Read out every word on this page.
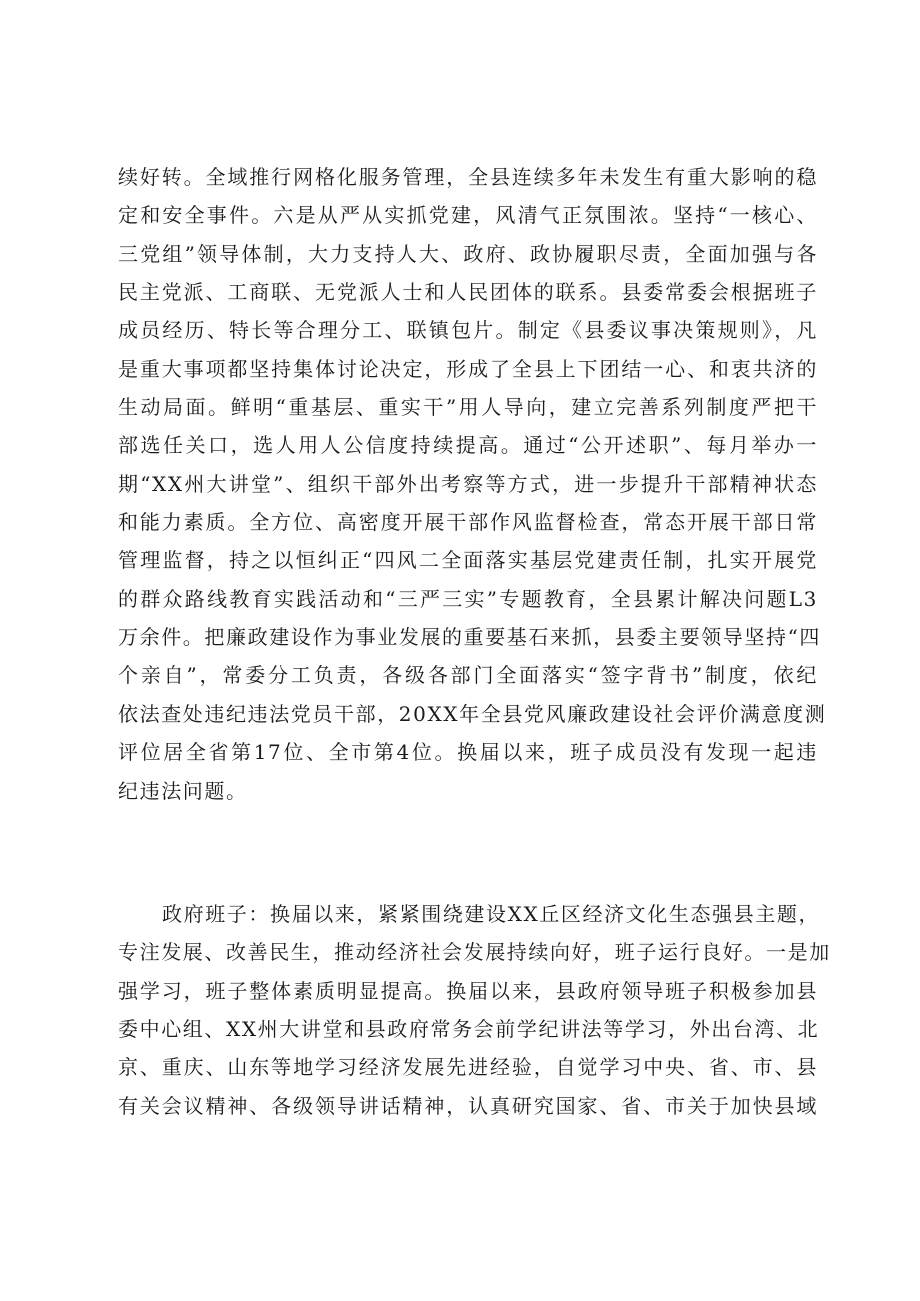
续好转。全域推行网格化服务管理，全县连续多年未发生有重大影响的稳
定和安全事件。六是从严从实抓党建，风清气正氛围浓。坚持“一核心、
三党组”领导体制，大力支持人大、政府、政协履职尽责，全面加强与各
民主党派、工商联、无党派人士和人民团体的联系。县委常委会根据班子
成员经历、特长等合理分工、联镇包片。制定《县委议事决策规则》，凡
是重大事项都坚持集体讨论决定，形成了全县上下团结一心、和衷共济的
生动局面。鲜明“重基层、重实干”用人导向，建立完善系列制度严把干
部选任关口，选人用人公信度持续提高。通过“公开述职”、每月举办一
期“XX州大讲堂”、组织干部外出考察等方式，进一步提升干部精神状态
和能力素质。全方位、高密度开展干部作风监督检查，常态开展干部日常
管理监督，持之以恒纠正“四风二全面落实基层党建责任制，扎实开展党
的群众路线教育实践活动和“三严三实”专题教育，全县累计解决问题L3
万余件。把廉政建设作为事业发展的重要基石来抓，县委主要领导坚持“四
个亲自”，常委分工负责，各级各部门全面落实“签字背书”制度，依纪
依法查处违纪违法党员干部，20XX年全县党风廉政建设社会评价满意度测
评位居全省第17位、全市第4位。换届以来，班子成员没有发现一起违
纪违法问题。
政府班子：换届以来，紧紧围绕建设XX丘区经济文化生态强县主题，
专注发展、改善民生，推动经济社会发展持续向好，班子运行良好。一是加
强学习，班子整体素质明显提高。换届以来，县政府领导班子积极参加县
委中心组、XX州大讲堂和县政府常务会前学纪讲法等学习，外出台湾、北
京、重庆、山东等地学习经济发展先进经验，自觉学习中央、省、市、县
有关会议精神、各级领导讲话精神，认真研究国家、省、市关于加快县域
